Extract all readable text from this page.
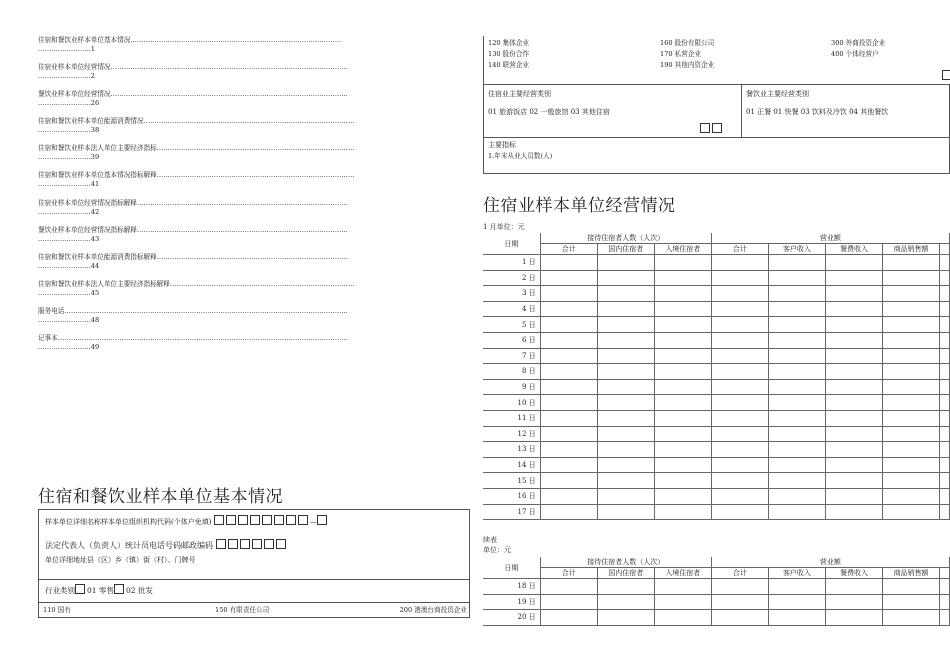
住宿和餐饮业样本单位基本情况……………………………………………………………………………………
……………………1
住宿业样本单位经营情况………………………………………………………………………………………………
……………………2
餐饮业样本单位经营情况………………………………………………………………………………………………
……………………26
住宿和餐饮业样本单位能源消费情况……………………………………………………………………………………
……………………38
住宿和餐饮业样本法人单位主要经济指标………………………………………………………………………………
……………………39
住宿和餐饮业样本单位基本情况指标解释………………………………………………………………………………
……………………41
住宿业样本单位经营情况指标解释……………………………………………………………………………………
……………………42
餐饮业样本单位经营情况指标解释……………………………………………………………………………………
……………………43
住宿和餐饮业样本单位能源消费指标解释……………………………………………………………………………
……………………44
住宿和餐饮业样本法人单位主要经济指标解释…………………………………………………………………………
……………………45
服务电话…………………………………………………………………………………………………………………
……………………48
记事本……………………………………………………………………………………………………………………
……………………49
住宿和餐饮业样本单位基本情况
样本单位详细名称样本单位组织机构代码(个体户免填)	—
法定代表人（负责人）统计员电话号码邮政编码
单位详细地址县（区）乡（镇）街（村）、门牌号
行业类别 01 零售 02 批发
110 国有	150 有限责任公司	200 港澳台商投资企业
120 集体企业
130 股份合作
140 联营企业
160 股份有限公司
170 私营企业
190 其他内资企业
300 外商投资企业
400 个体经营户
住宿业主要经营类别
01 旅游饭店 02 一般旅馆 03 其他住宿
餐饮业主要经营类别
01 正餐 01 快餐 03 饮料及冷饮 04 其他餐饮
主要指标
1.年末从业人员数(人)
住宿业样本单位经营情况
1 月单位：元
日期	接待住宿者人数（人次）			营业额				
	合计	国内住宿者	入境住宿者	合计	客户收入	餐费收入	商品销售额	
1 日								
2 日								
3 日								
4 日								
5 日								
6 日								
7 日								
8 日								
9 日								
10 日								
11 日								
12 日								
13 日								
14 日								
15 日								
16 日								
17 日								
续表
单位：元
日期	接待住宿者人数（人次）			营业额				
	合计	国内住宿者	入境住宿者	合计	客户收入	餐费收入	商品销售额	
18 日								
19 日								
20 日								
